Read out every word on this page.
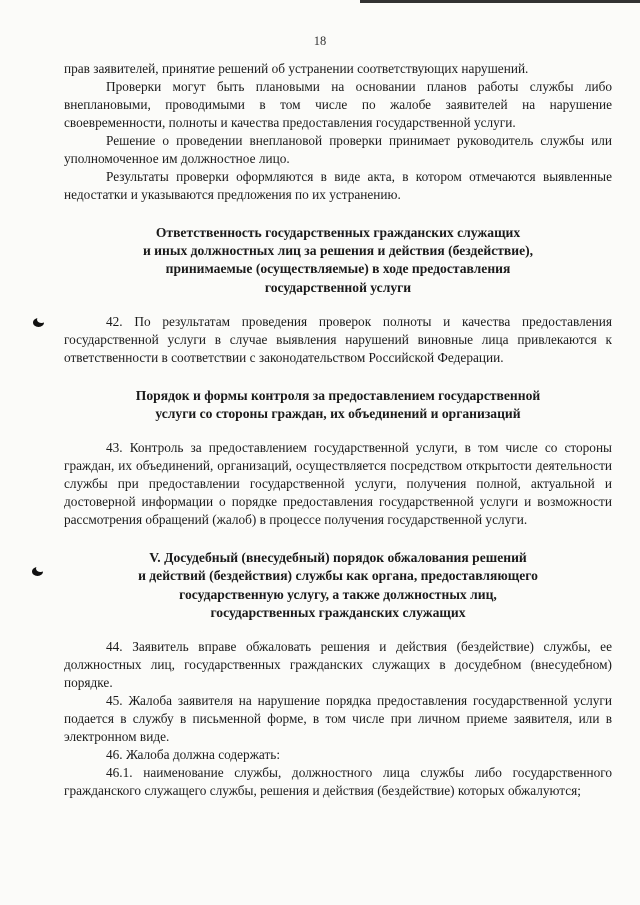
18

прав заявителей, принятие решений об устранении соответствующих нарушений.

Проверки могут быть плановыми на основании планов работы службы либо внеплановыми, проводимыми в том числе по жалобе заявителей на нарушение своевременности, полноты и качества предоставления государственной услуги.

Решение о проведении внеплановой проверки принимает руководитель службы или уполномоченное им должностное лицо.

Результаты проверки оформляются в виде акта, в котором отмечаются выявленные недостатки и указываются предложения по их устранению.

Ответственность государственных гражданских служащих
и иных должностных лиц за решения и действия (бездействие),
принимаемые (осуществляемые) в ходе предоставления
государственной услуги

42. По результатам проведения проверок полноты и качества предоставления государственной услуги в случае выявления нарушений виновные лица привлекаются к ответственности в соответствии с законодательством Российской Федерации.

Порядок и формы контроля за предоставлением государственной
услуги со стороны граждан, их объединений и организаций

43. Контроль за предоставлением государственной услуги, в том числе со стороны граждан, их объединений, организаций, осуществляется посредством открытости деятельности службы при предоставлении государственной услуги, получения полной, актуальной и достоверной информации о порядке предоставления государственной услуги и возможности рассмотрения обращений (жалоб) в процессе получения государственной услуги.

V. Досудебный (внесудебный) порядок обжалования решений
и действий (бездействия) службы как органа, предоставляющего
государственную услугу, а также должностных лиц,
государственных гражданских служащих

44. Заявитель вправе обжаловать решения и действия (бездействие) службы, ее должностных лиц, государственных гражданских служащих в досудебном (внесудебном) порядке.

45. Жалоба заявителя на нарушение порядка предоставления государственной услуги подается в службу в письменной форме, в том числе при личном приеме заявителя, или в электронном виде.

46. Жалоба должна содержать:

46.1. наименование службы, должностного лица службы либо государственного гражданского служащего службы, решения и действия (бездействие) которых обжалуются;
